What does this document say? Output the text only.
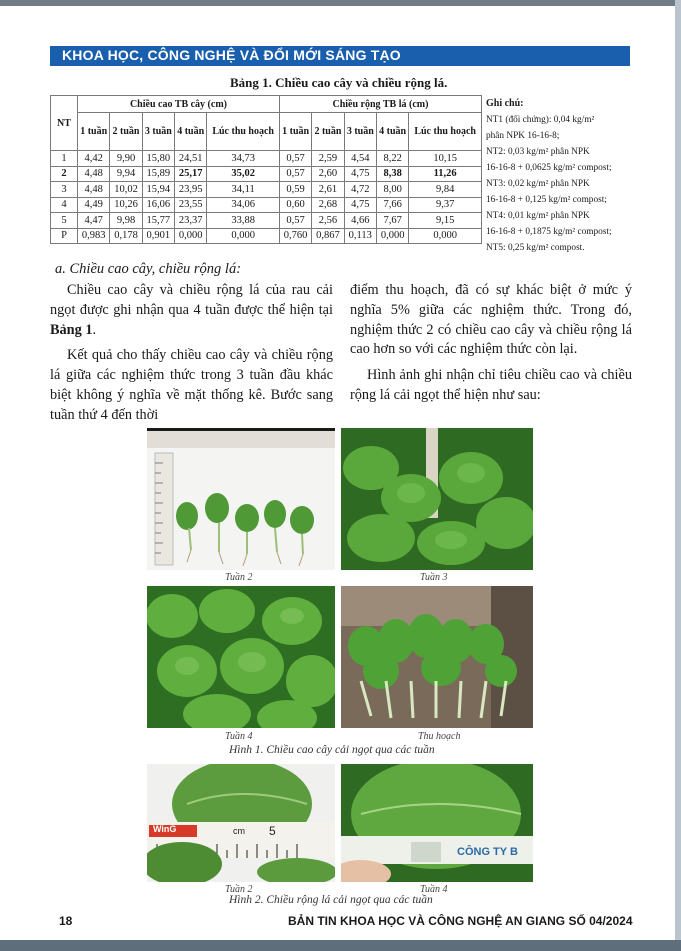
KHOA HỌC, CÔNG NGHỆ VÀ ĐỔI MỚI SÁNG TẠO
Bảng 1. Chiều cao cây và chiều rộng lá.
NT	Chiều cao TB cây (cm)					Chiều rộng TB lá (cm)				
	1 tuần	2 tuần	3 tuần	4 tuần	Lúc thu hoạch	1 tuần	2 tuần	3 tuần	4 tuần	Lúc thu hoạch
1	4,42	9,90	15,80	24,51	34,73	0,57	2,59	4,54	8,22	10,15
2	4,48	9,94	15,89	25,17	35,02	0,57	2,60	4,75	8,38	11,26
3	4,48	10,02	15,94	23,95	34,11	0,59	2,61	4,72	8,00	9,84
4	4,49	10,26	16,06	23,55	34,06	0,60	2,68	4,75	7,66	9,37
5	4,47	9,98	15,77	23,37	33,88	0,57	2,56	4,66	7,67	9,15
P	0,983	0,178	0,901	0,000	0,000	0,760	0,867	0,113	0,000	0,000
Ghi chú:
NT1 (đối chứng): 0,04 kg/m²
phân NPK 16-16-8;
NT2: 0,03 kg/m² phân NPK
16-16-8 + 0,0625 kg/m² compost;
NT3: 0,02 kg/m² phân NPK
16-16-8 + 0,125 kg/m² compost;
NT4: 0,01 kg/m² phân NPK
16-16-8 + 0,1875 kg/m² compost;
NT5: 0,25 kg/m² compost.
a. Chiều cao cây, chiều rộng lá:

Chiều cao cây và chiều rộng lá của rau cải ngọt được ghi nhận qua 4 tuần được thể hiện tại Bảng 1.

Kết quả cho thấy chiều cao cây và chiều rộng lá giữa các nghiệm thức trong 3 tuần đầu khác biệt không ý nghĩa về mặt thống kê. Bước sang tuần thứ 4 đến thời

điểm thu hoạch, đã có sự khác biệt ở mức ý nghĩa 5% giữa các nghiệm thức. Trong đó, nghiệm thức 2 có chiều cao cây và chiều rộng lá cao hơn so với các nghiệm thức còn lại.

Hình ảnh ghi nhận chỉ tiêu chiều cao và chiều rộng lá cải ngọt thể hiện như sau:

Tuần 2	Tuần 3
Tuần 4	Thu hoạch
Hình 1. Chiều cao cây cải ngọt qua các tuần
WinG	cm 5
CÔNG TY B
Tuần 2	Tuần 4
Hình 2. Chiều rộng lá cải ngọt qua các tuần
18	BẢN TIN KHOA HỌC VÀ CÔNG NGHỆ AN GIANG SỐ 04/2024
